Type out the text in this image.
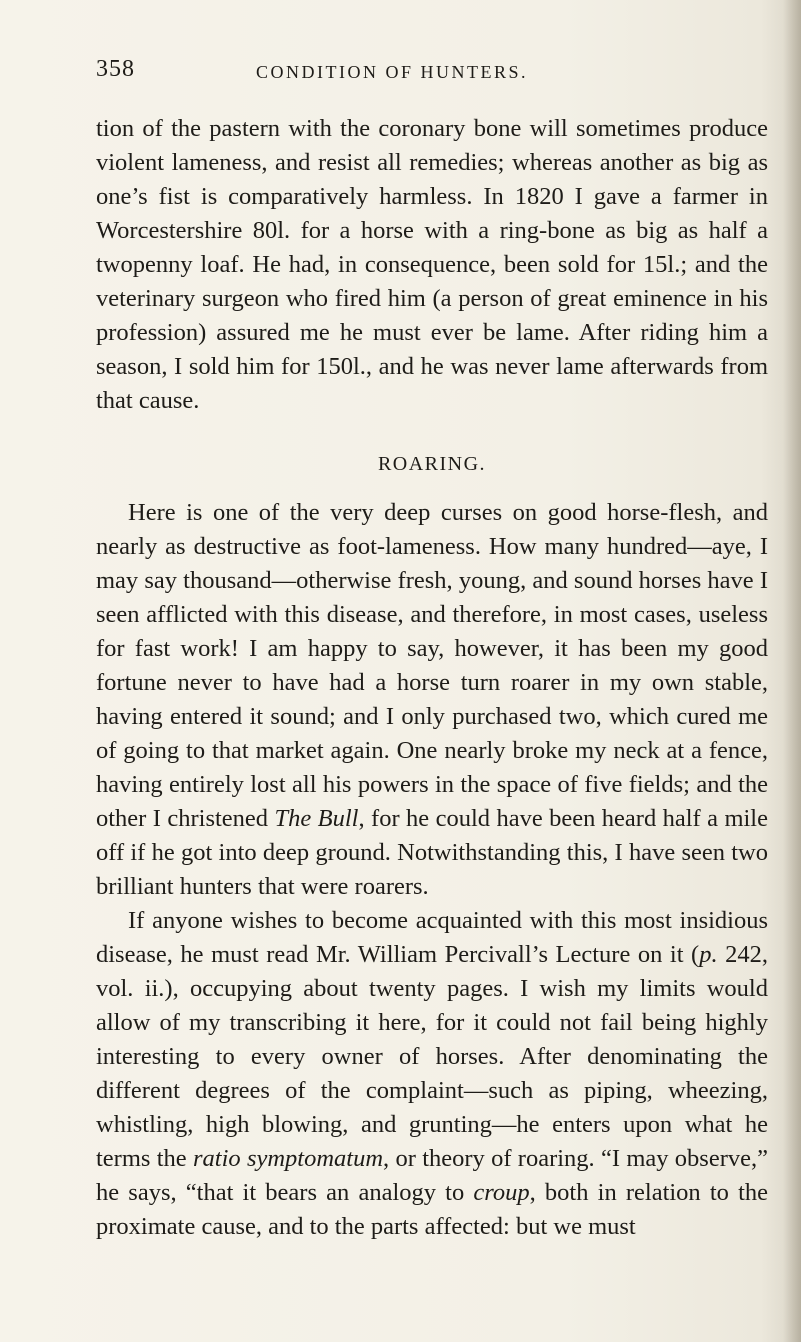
358	CONDITION OF HUNTERS.

tion of the pastern with the coronary bone will sometimes produce violent lameness, and resist all remedies; whereas another as big as one’s fist is comparatively harmless. In 1820 I gave a farmer in Worcestershire 80l. for a horse with a ring-bone as big as half a twopenny loaf. He had, in consequence, been sold for 15l.; and the veterinary surgeon who fired him (a person of great eminence in his profession) assured me he must ever be lame. After riding him a season, I sold him for 150l., and he was never lame afterwards from that cause.

ROARING.

Here is one of the very deep curses on good horse-flesh, and nearly as destructive as foot-lameness. How many hundred—aye, I may say thousand—otherwise fresh, young, and sound horses have I seen afflicted with this disease, and therefore, in most cases, useless for fast work! I am happy to say, however, it has been my good fortune never to have had a horse turn roarer in my own stable, having entered it sound; and I only purchased two, which cured me of going to that market again. One nearly broke my neck at a fence, having entirely lost all his powers in the space of five fields; and the other I christened The Bull, for he could have been heard half a mile off if he got into deep ground. Notwithstanding this, I have seen two brilliant hunters that were roarers.

If anyone wishes to become acquainted with this most insidious disease, he must read Mr. William Percivall’s Lecture on it (p. 242, vol. ii.), occupying about twenty pages. I wish my limits would allow of my transcribing it here, for it could not fail being highly interesting to every owner of horses. After denominating the different degrees of the complaint—such as piping, wheezing, whistling, high blowing, and grunting—he enters upon what he terms the ratio symptomatum, or theory of roaring. “I may observe,” he says, “that it bears an analogy to croup, both in relation to the proximate cause, and to the parts affected: but we must
